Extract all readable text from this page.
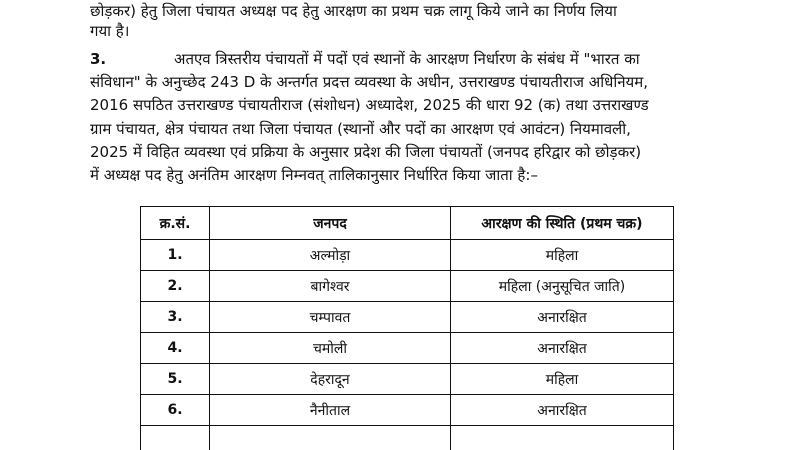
छोड़कर) हेतु जिला पंचायत अध्यक्ष पद हेतु आरक्षण का प्रथम चक्र लागू किये जाने का निर्णय लिया
गया है।
3.	अतएव त्रिस्तरीय पंचायतों में पदों एवं स्थानों के आरक्षण निर्धारण के संबंध में "भारत का
संविधान" के अनुच्छेद 243 D के अन्तर्गत प्रदत्त व्यवस्था के अधीन, उत्तराखण्ड पंचायतीराज अधिनियम,
2016 सपठित उत्तराखण्ड पंचायतीराज (संशोधन) अध्यादेश, 2025 की धारा 92 (क) तथा उत्तराखण्ड
ग्राम पंचायत, क्षेत्र पंचायत तथा जिला पंचायत (स्थानों और पदों का आरक्षण एवं आवंटन) नियमावली,
2025 में विहित व्यवस्था एवं प्रक्रिया के अनुसार प्रदेश की जिला पंचायतों (जनपद हरिद्वार को छोड़कर)
में अध्यक्ष पद हेतु अनंतिम आरक्षण निम्नवत् तालिकानुसार निर्धारित किया जाता है:–
क्र.सं.	जनपद	आरक्षण की स्थिति (प्रथम चक्र)
1.	अल्मोड़ा	महिला
2.	बागेश्वर	महिला (अनुसूचित जाति)
3.	चम्पावत	अनारक्षित
4.	चमोली	अनारक्षित
5.	देहरादून	महिला
6.	नैनीताल	अनारक्षित
